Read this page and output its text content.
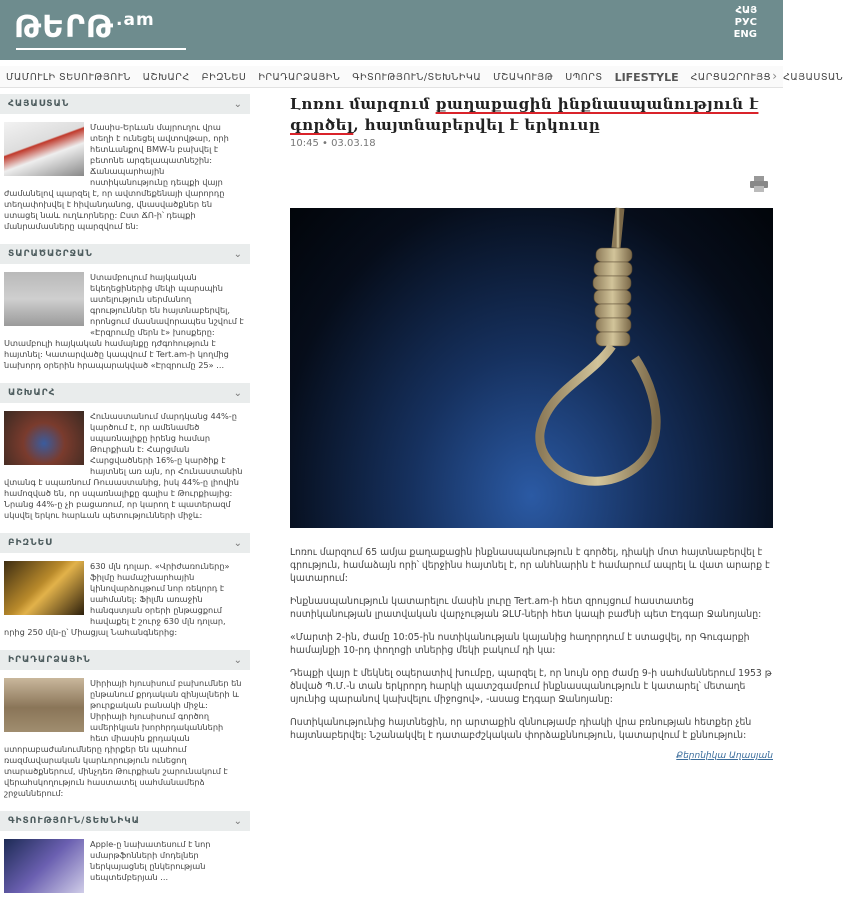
ԹԵՐԹ $^{.am}$	ՀԱՅ
РУС
ENG
ՄԱՄՈՒԼԻ ՏԵՍՈՒԹՅՈՒՆ ԱՇԽԱՐՀ ԲԻԶՆԵՍ ԻՐԱԴԱՐՁԱՅԻՆ ԳԻՏՈՒԹՅՈՒՆ/ՏԵԽՆԻԿԱ ՄՇԱԿՈՒՅԹ ՍՊՈՐՏ LIFESTYLE ՀԱՐՑԱԶՐՈՒՅՑ ՀԱՅԱՍՏԱՆ
›
ՀԱՅԱՍՏԱՆ	⌄
Մասիս-Երևան մայրուղու վրա տեղի է ունեցել ավտովթար, որի հետևանքով BMW-ն բախվել է բետոնե արգելապատնեշին: Ճանապարհային ոստիկանությունը դեպքի վայր ժամանելով պարզել է, որ ավտոմեքենայի վարորդը տեղափոխվել է հիվանդանոց, վնասվածքներ են ստացել նաև ուղևորները: Ըստ ՃՈ-ի՝ դեպքի մանրամասները պարզվում են:
ՏԱՐԱԾԱՇՐՋԱՆ	⌄
Ստամբուլում հայկական եկեղեցիներից մեկի պարսպին ատելություն սերմանող գրություններ են հայտնաբերվել, որոնցում մասնավորապես նշվում է «Էրզրումը մերն է» խոսքերը: Ստամբուլի հայկական համայնքը դժգոհություն է հայտնել: Կատարվածը կապվում է Tert.am-ի կողմից նախորդ օրերին հրապարակված «Էրզրումը 25» ...
ԱՇԽԱՐՀ	⌄
Հունաստանում մարդկանց 44%-ը կարծում է, որ ամենամեծ սպառնալիքը իրենց համար Թուրքիան է: Հարցման Հարցվածների 16%-ը կարծիք է հայտնել առ այն, որ Հունաստանին վտանգ է սպառնում Ռուսաստանից, իսկ 44%-ը լիովին համոզված են, որ սպառնալիքը գալիս է Թուրքիայից: Նրանց 44%-ը չի բացառում, որ կարող է պատերազմ սկսվել երկու հարևան պետությունների միջև:
ԲԻԶՆԵՍ	⌄
630 մլն դոլար․ «Վրիժառուները» ֆիլմը համաշխարհային կինովարձույթում նոր ռեկորդ է սահմանել: Ֆիլմն առաջին հանգստյան օրերի ընթացքում հավաքել է շուրջ 630 մլն դոլար, որից 250 մլն-ը՝ Միացյալ Նահանգներից:
ԻՐԱԴԱՐՁԱՅԻՆ	⌄
Սիրիայի հյուսիսում բախումներ են ընթանում քրդական զինյալների և թուրքական բանակի միջև: Սիրիայի հյուսիսում գործող ամերիկյան խորհրդականների հետ միասին քրդական ստորաբաժանումները դիրքեր են պահում ռազմավարական կարևորություն ունեցող տարածքներում, մինչդեռ Թուրքիան շարունակում է վերահսկողություն հաստատել սահմանամերձ շրջաններում:
ԳԻՏՈՒԹՅՈՒՆ/ՏԵԽՆԻԿԱ	⌄
Apple-ը նախատեսում է նոր սմարթֆոնների մոդելներ ներկայացնել ընկերության սեպտեմբերյան ...
Լոռու մարզում քաղաքացին ինքնասպանություն է
գործել, հայտնաբերվել է երկուսը
10:45 • 03.03.18

Լոռու մարզում 65 ամյա քաղաքացին ինքնասպանություն է գործել, դիակի մոտ հայտնաբերվել է գրություն, համաձայն որի՝ վերջինս հայտնել է, որ անհնարին է համարում ապրել և վատ արարք է կատարում:

Ինքնասպանություն կատարելու մասին լուրը Tert.am-ի հետ զրույցում հաստատեց ոստիկանության լրատվական վարչության ՁԼՄ-ների հետ կապի բաժնի պետ Էդգար Ջանոյանը:

«Մարտի 2-ին, ժամը 10:05-ին ոստիկանության կայանից հաղորդում է ստացվել, որ Գուգարքի համայնքի 10-րդ փողոցի տներից մեկի բակում դի կա:

Դեպքի վայր է մեկնել օպերատիվ խումբը, պարզել է, որ նույն օրը ժամը 9-ի սահմաններում 1953 թ ծնված Պ.Մ.-ն տան երկրորդ հարկի պատշգամբում ինքնասպանություն է կատարել՝ մետաղե սյունից պարանով կախվելու միջոցով», -ասաց Էդգար Ջանոյանը:

Ոստիկանությունից հայտնեցին, որ արտաքին զննությամբ դիակի վրա բռնության հետքեր չեն հայտնաբերվել: Նշանակվել է դատաբժշկական փորձաքննություն, կատարվում է քննություն:

Քերոնիկա Աղասյան
